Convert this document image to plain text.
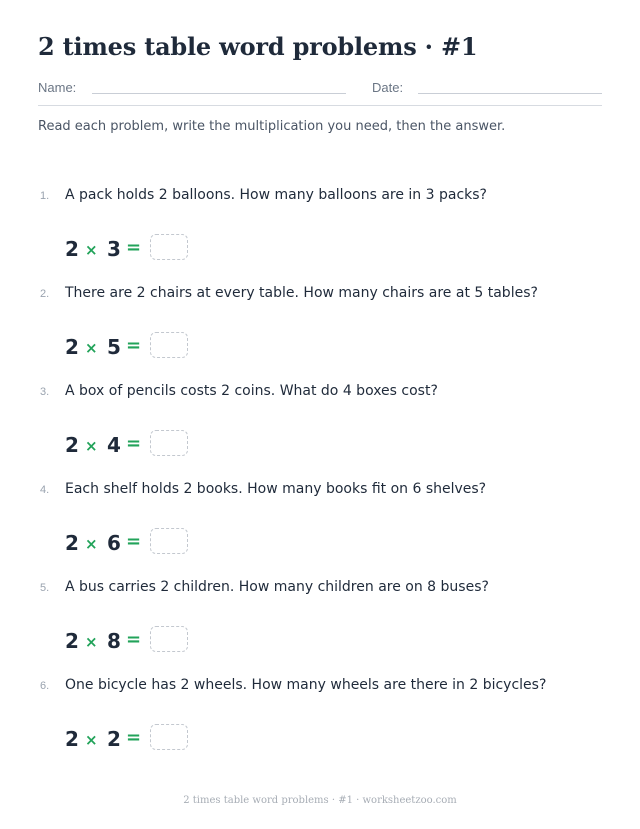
2 times table word problems · #1
Name:	Date:
Read each problem, write the multiplication you need, then the answer.
1. A pack holds 2 balloons. How many balloons are in 3 packs?
2 × 3 =
2. There are 2 chairs at every table. How many chairs are at 5 tables?
2 × 5 =
3. A box of pencils costs 2 coins. What do 4 boxes cost?
2 × 4 =
4. Each shelf holds 2 books. How many books fit on 6 shelves?
2 × 6 =
5. A bus carries 2 children. How many children are on 8 buses?
2 × 8 =
6. One bicycle has 2 wheels. How many wheels are there in 2 bicycles?
2 × 2 =
2 times table word problems · #1 · worksheetzoo.com
